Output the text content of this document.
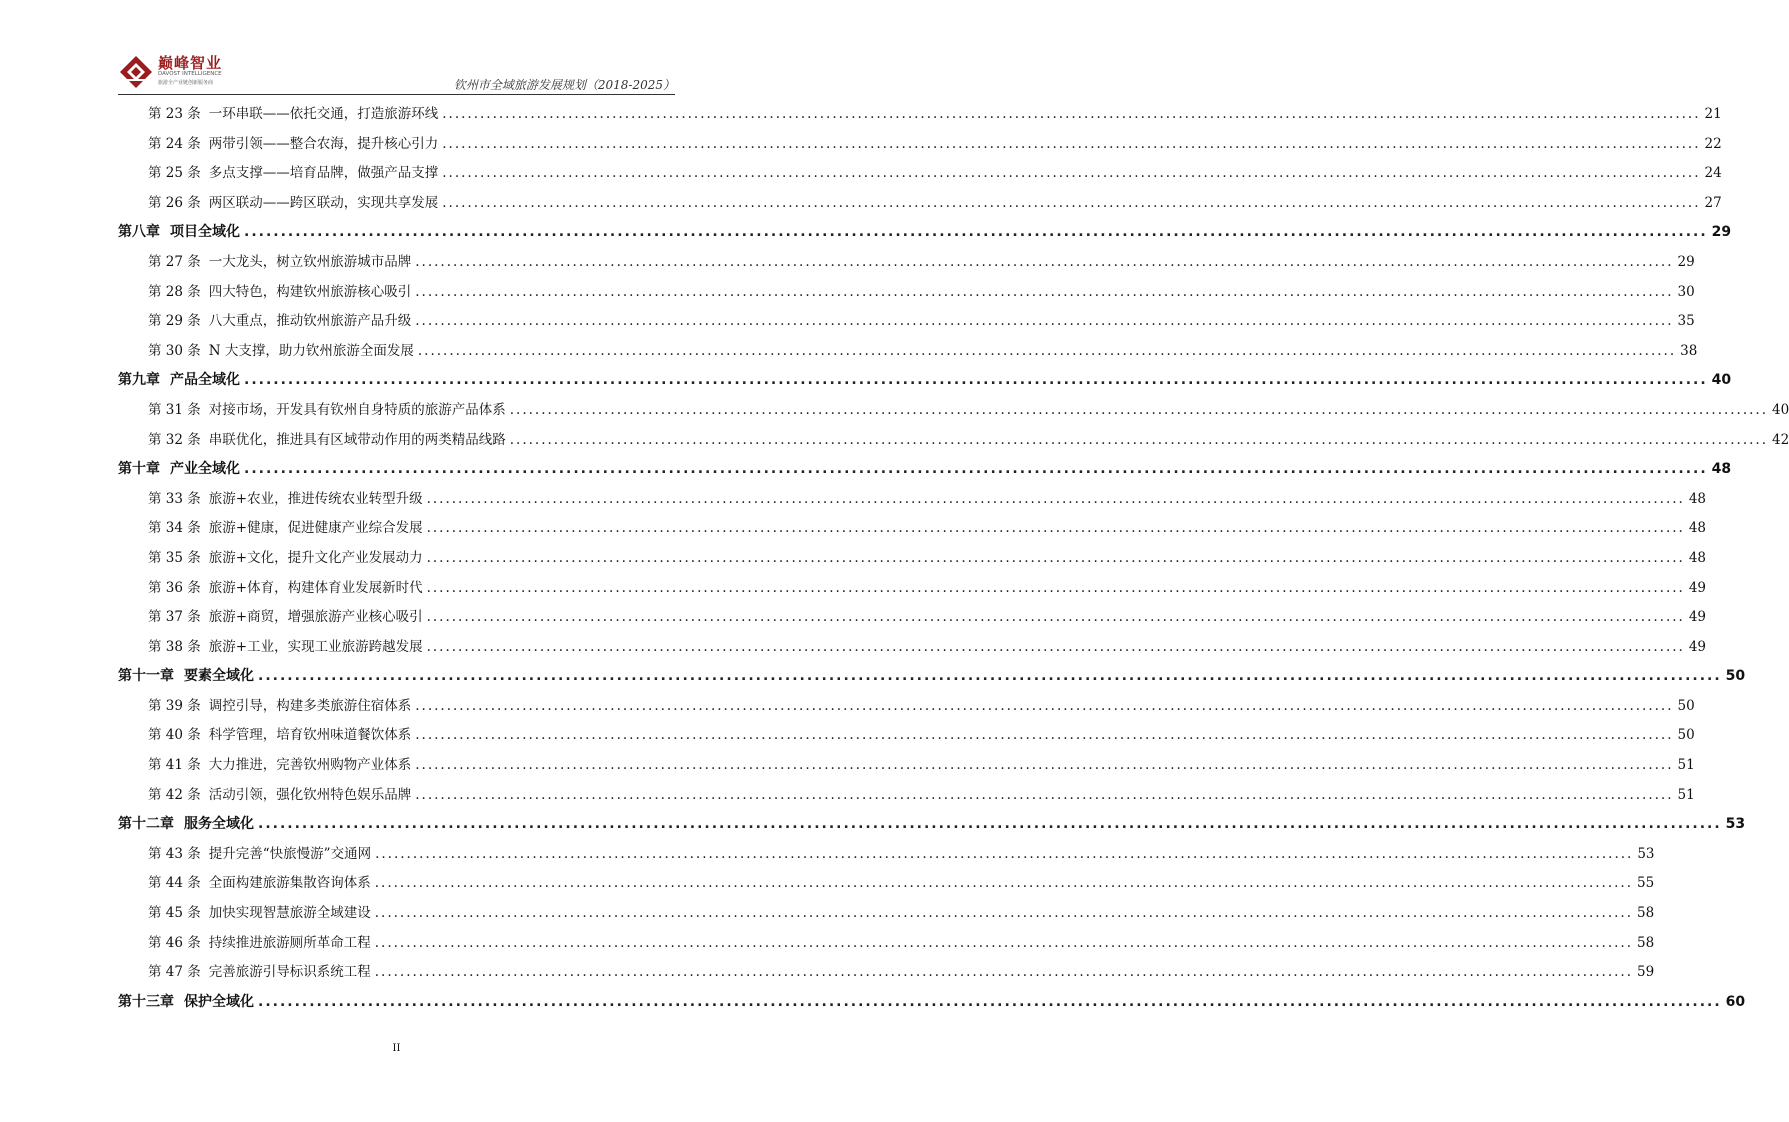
巅峰智业
DAVOST INTELLIGENCE
旅游全产业链创新服务商	钦州市全域旅游发展规划（2018-2025）
第 23 条 一环串联——依托交通，打造旅游环线 ........................................................................................................................................................................................................ 21
第 24 条 两带引领——整合农海，提升核心引力 ........................................................................................................................................................................................................ 22
第 25 条 多点支撑——培育品牌，做强产品支撑 ........................................................................................................................................................................................................ 24
第 26 条 两区联动——跨区联动，实现共享发展 ........................................................................................................................................................................................................ 27
第八章 项目全域化 ........................................................................................................................................................................................................ 29
第 27 条 一大龙头，树立钦州旅游城市品牌 ........................................................................................................................................................................................................ 29
第 28 条 四大特色，构建钦州旅游核心吸引 ........................................................................................................................................................................................................ 30
第 29 条 八大重点，推动钦州旅游产品升级 ........................................................................................................................................................................................................ 35
第 30 条 N 大支撑，助力钦州旅游全面发展 ........................................................................................................................................................................................................ 38
第九章 产品全域化 ........................................................................................................................................................................................................ 40
第 31 条 对接市场，开发具有钦州自身特质的旅游产品体系 ........................................................................................................................................................................................................ 40
第 32 条 串联优化，推进具有区域带动作用的两类精品线路 ........................................................................................................................................................................................................ 42
第十章 产业全域化 ........................................................................................................................................................................................................ 48
第 33 条 旅游+农业，推进传统农业转型升级 ........................................................................................................................................................................................................ 48
第 34 条 旅游+健康，促进健康产业综合发展 ........................................................................................................................................................................................................ 48
第 35 条 旅游+文化，提升文化产业发展动力 ........................................................................................................................................................................................................ 48
第 36 条 旅游+体育，构建体育业发展新时代 ........................................................................................................................................................................................................ 49
第 37 条 旅游+商贸，增强旅游产业核心吸引 ........................................................................................................................................................................................................ 49
第 38 条 旅游+工业，实现工业旅游跨越发展 ........................................................................................................................................................................................................ 49
第十一章 要素全域化 ........................................................................................................................................................................................................ 50
第 39 条 调控引导，构建多类旅游住宿体系 ........................................................................................................................................................................................................ 50
第 40 条 科学管理，培育钦州味道餐饮体系 ........................................................................................................................................................................................................ 50
第 41 条 大力推进，完善钦州购物产业体系 ........................................................................................................................................................................................................ 51
第 42 条 活动引领，强化钦州特色娱乐品牌 ........................................................................................................................................................................................................ 51
第十二章 服务全域化 ........................................................................................................................................................................................................ 53
第 43 条 提升完善“快旅慢游”交通网 ........................................................................................................................................................................................................ 53
第 44 条 全面构建旅游集散咨询体系 ........................................................................................................................................................................................................ 55
第 45 条 加快实现智慧旅游全域建设 ........................................................................................................................................................................................................ 58
第 46 条 持续推进旅游厕所革命工程 ........................................................................................................................................................................................................ 58
第 47 条 完善旅游引导标识系统工程 ........................................................................................................................................................................................................ 59
第十三章 保护全域化 ........................................................................................................................................................................................................ 60
II
